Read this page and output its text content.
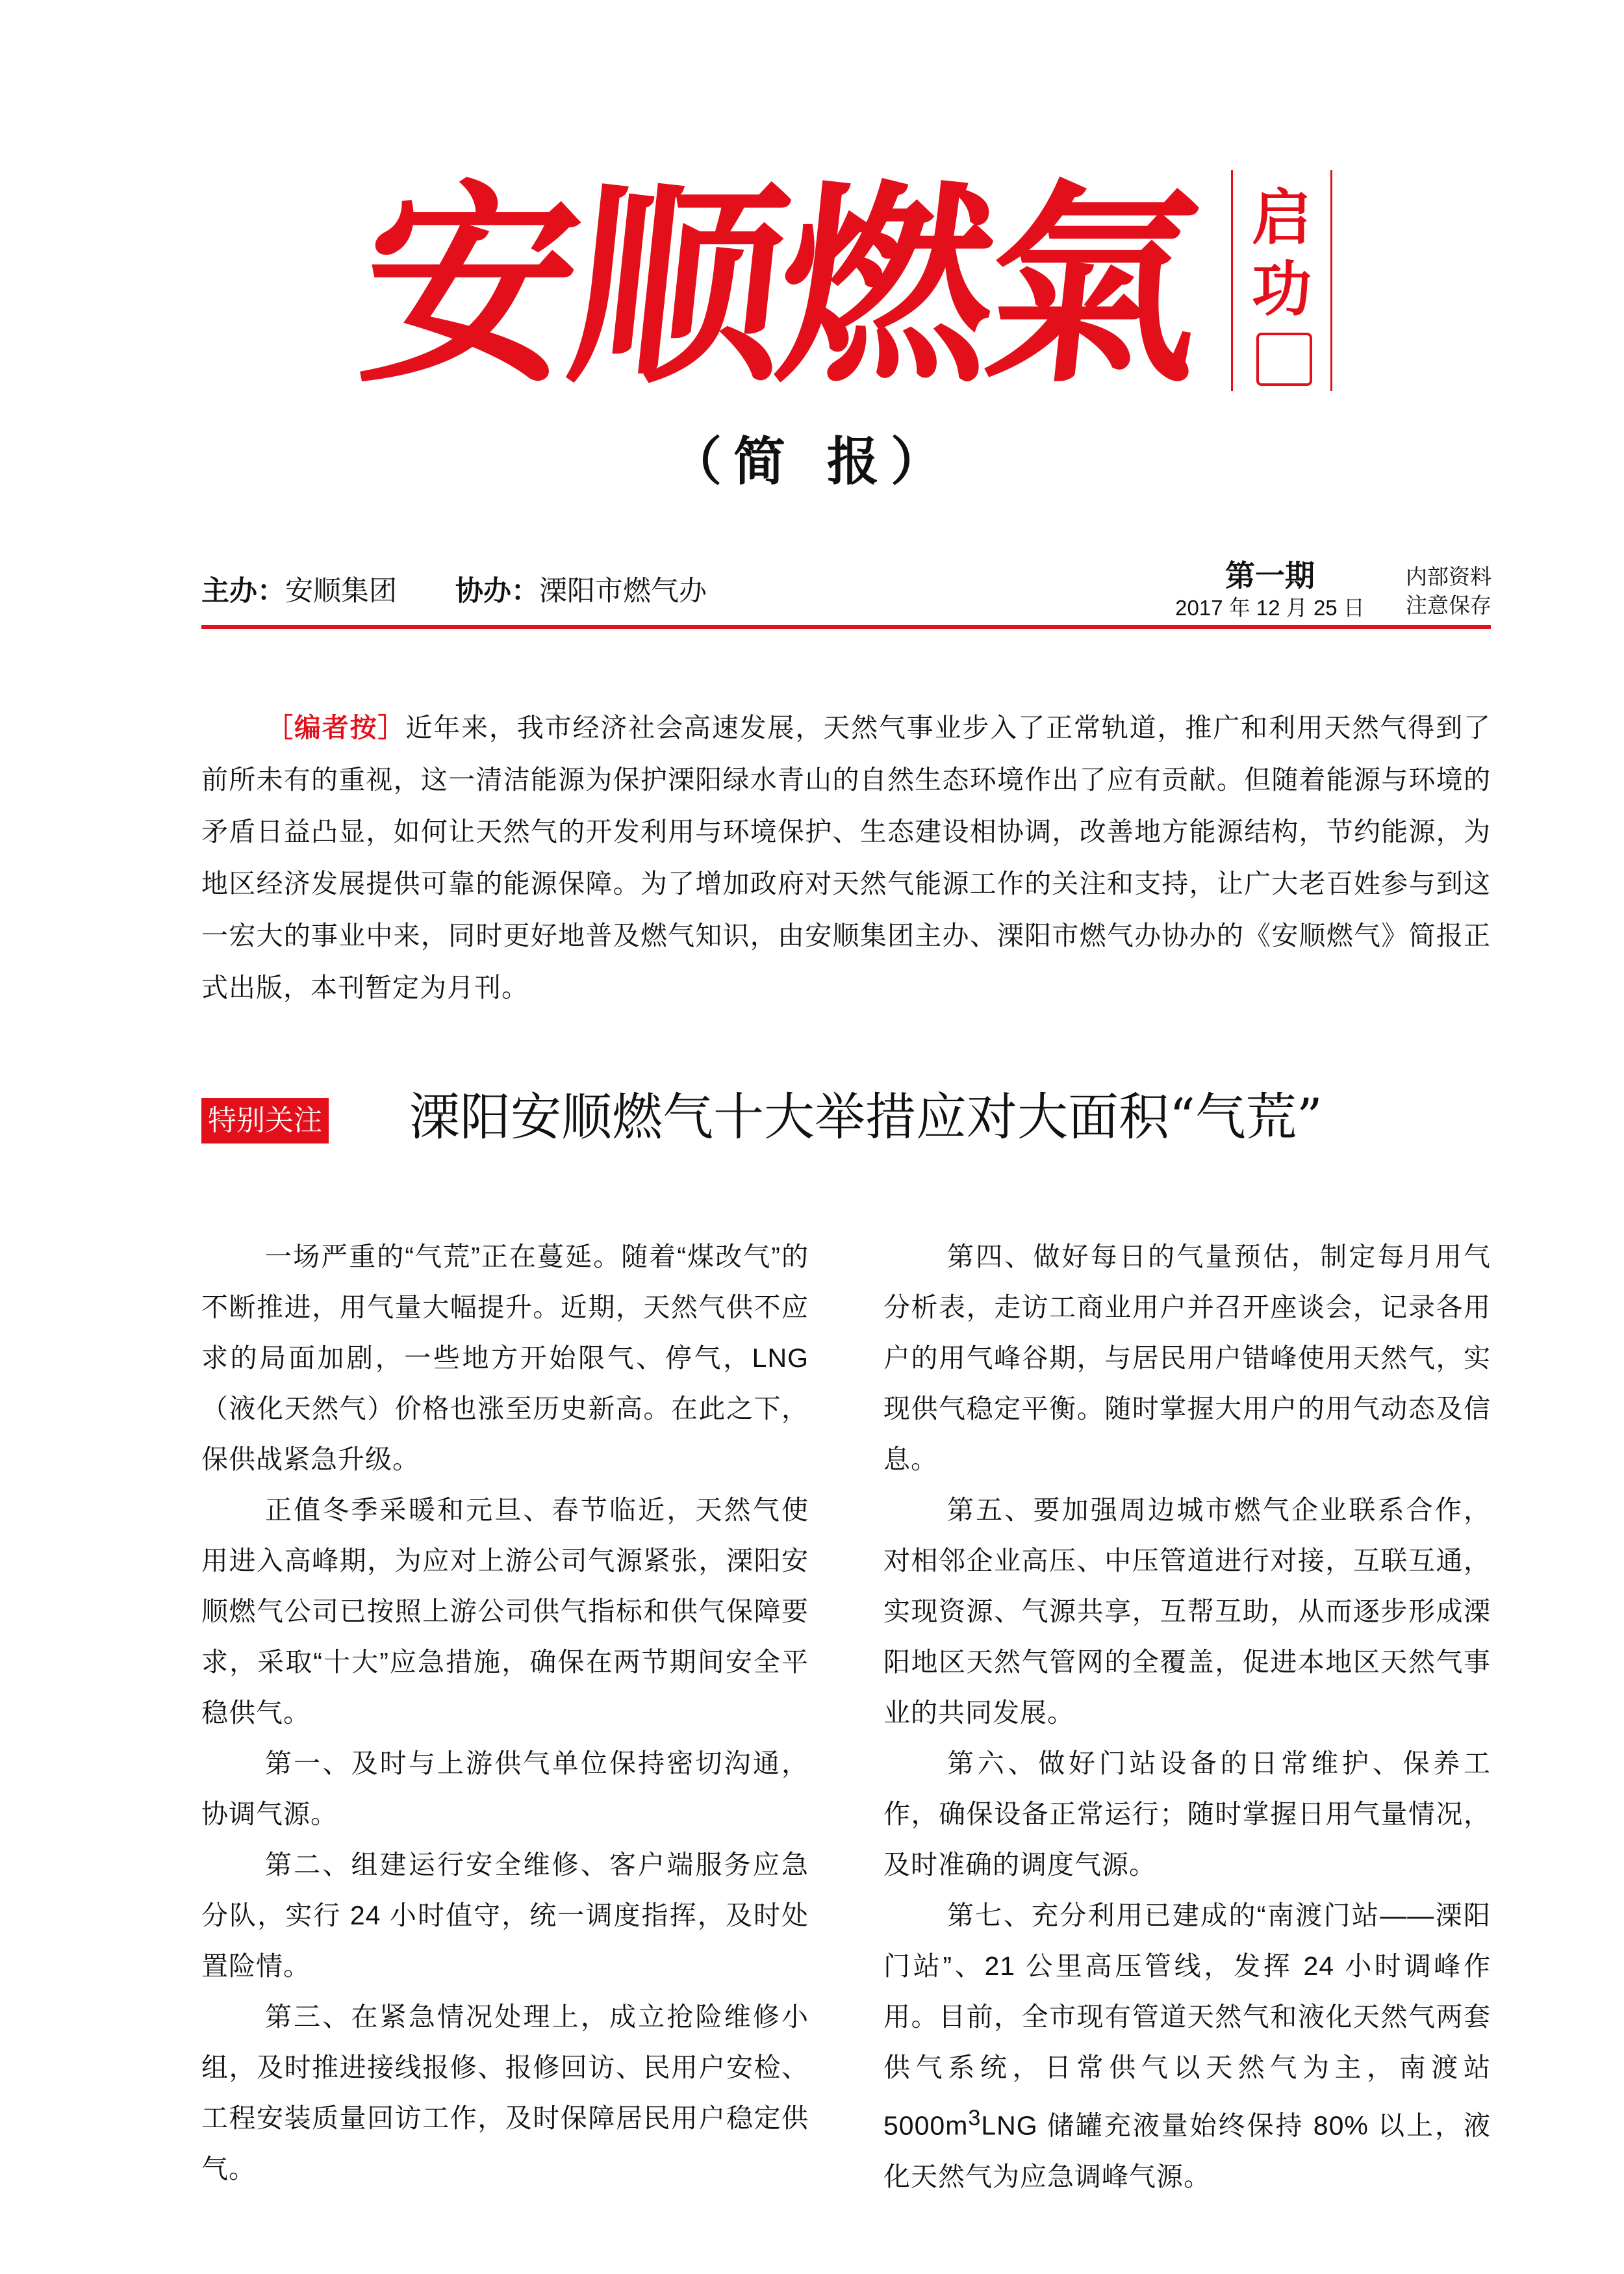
安顺燃氣 启功
（简 报）
主办：安顺集团 协办：溧阳市燃气办	第一期
2017 年 12 月 25 日
内部资料
注意保存
［编者按］近年来，我市经济社会高速发展，天然气事业步入了正常轨道，推广和利用天然气得到了前所未有的重视，这一清洁能源为保护溧阳绿水青山的自然生态环境作出了应有贡献。但随着能源与环境的矛盾日益凸显，如何让天然气的开发利用与环境保护、生态建设相协调，改善地方能源结构，节约能源，为地区经济发展提供可靠的能源保障。为了增加政府对天然气能源工作的关注和支持，让广大老百姓参与到这一宏大的事业中来，同时更好地普及燃气知识，由安顺集团主办、溧阳市燃气办协办的《安顺燃气》简报正式出版，本刊暂定为月刊。
特别关注 溧阳安顺燃气十大举措应对大面积“气荒”

一场严重的“气荒”正在蔓延。随着“煤改气”的不断推进，用气量大幅提升。近期，天然气供不应求的局面加剧，一些地方开始限气、停气，LNG（液化天然气）价格也涨至历史新高。在此之下，保供战紧急升级。

正值冬季采暖和元旦、春节临近，天然气使用进入高峰期，为应对上游公司气源紧张，溧阳安顺燃气公司已按照上游公司供气指标和供气保障要求，采取“十大”应急措施，确保在两节期间安全平稳供气。

第一、及时与上游供气单位保持密切沟通，协调气源。

第二、组建运行安全维修、客户端服务应急分队，实行 24 小时值守，统一调度指挥，及时处置险情。

第三、在紧急情况处理上，成立抢险维修小组，及时推进接线报修、报修回访、民用户安检、工程安装质量回访工作，及时保障居民用户稳定供气。

第四、做好每日的气量预估，制定每月用气分析表，走访工商业用户并召开座谈会，记录各用户的用气峰谷期，与居民用户错峰使用天然气，实现供气稳定平衡。随时掌握大用户的用气动态及信息。

第五、要加强周边城市燃气企业联系合作，对相邻企业高压、中压管道进行对接，互联互通，实现资源、气源共享，互帮互助，从而逐步形成溧阳地区天然气管网的全覆盖，促进本地区天然气事业的共同发展。

第六、做好门站设备的日常维护、保养工作，确保设备正常运行；随时掌握日用气量情况，及时准确的调度气源。

第七、充分利用已建成的“南渡门站——溧阳门站”、21 公里高压管线，发挥 24 小时调峰作用。目前，全市现有管道天然气和液化天然气两套供气系统，日常供气以天然气为主，南渡站 $5000m^3LNG$ 储罐充液量始终保持 80% 以上，液化天然气为应急调峰气源。
